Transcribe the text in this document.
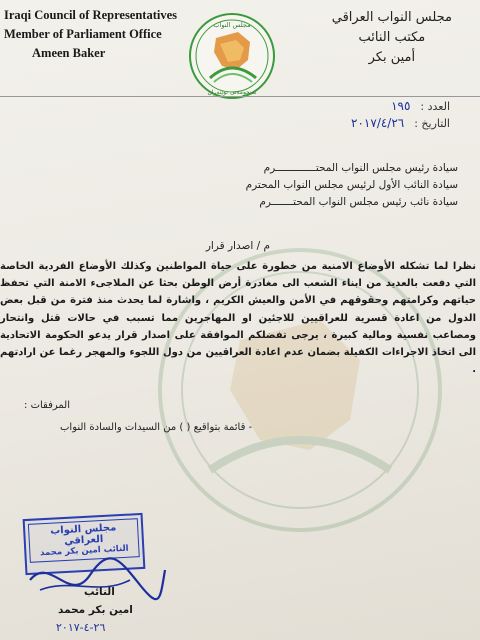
Iraqi Council of Representatives
Member of Parliament Office
Ameen Baker
مجلس النواب العراقي
مكتب النائب
أمين بكر
مجلس النواب
نەنجومەنی نوێنەران
العدد :١٩٥
التاريخ :٢٠١٧/٤/٢٦
سيادة رئيس مجلس النواب المحتـــــــــــــرم
سيادة النائب الأول لرئيس مجلس النواب المحترم
سيادة نائب رئيس مجلس النواب المحتـــــــرم
م / اصدار قرار
نظرا لما تشكله الأوضاع الامنية من خطورة على حياة المواطنين وكذلك الأوضاع الفردية الخاصة التي دفعت بالعديد من ابناء الشعب الى مغادرة أرض الوطن بحثا عن الملاجىء الامنة التي تحفظ حياتهم وكرامتهم وحقوقهم في الأمن والعيش الكريم ، واشارة لما يحدث منذ فترة من قبل بعض الدول من اعادة قسرية للعراقيين للاجئين او المهاجرين مما تسبب في حالات قتل وانتحار ومصاعب نفسية ومالية كبيرة ، يرجى تفضلكم الموافقة على اصدار قرار يدعو الحكومة الاتحادية الى اتخاذ الاجراءات الكفيلة بضمان عدم اعادة العراقيين من دول اللجوء والمهجر رغما عن ارادتهم .
المرفقات :
- قائمة بتواقيع ( ) من السيدات والسادة النواب
مجلس النواب العراقي
النائب امين بكر محمد
النائب
امين بكر محمد
٢٦-٤-٢٠١٧
